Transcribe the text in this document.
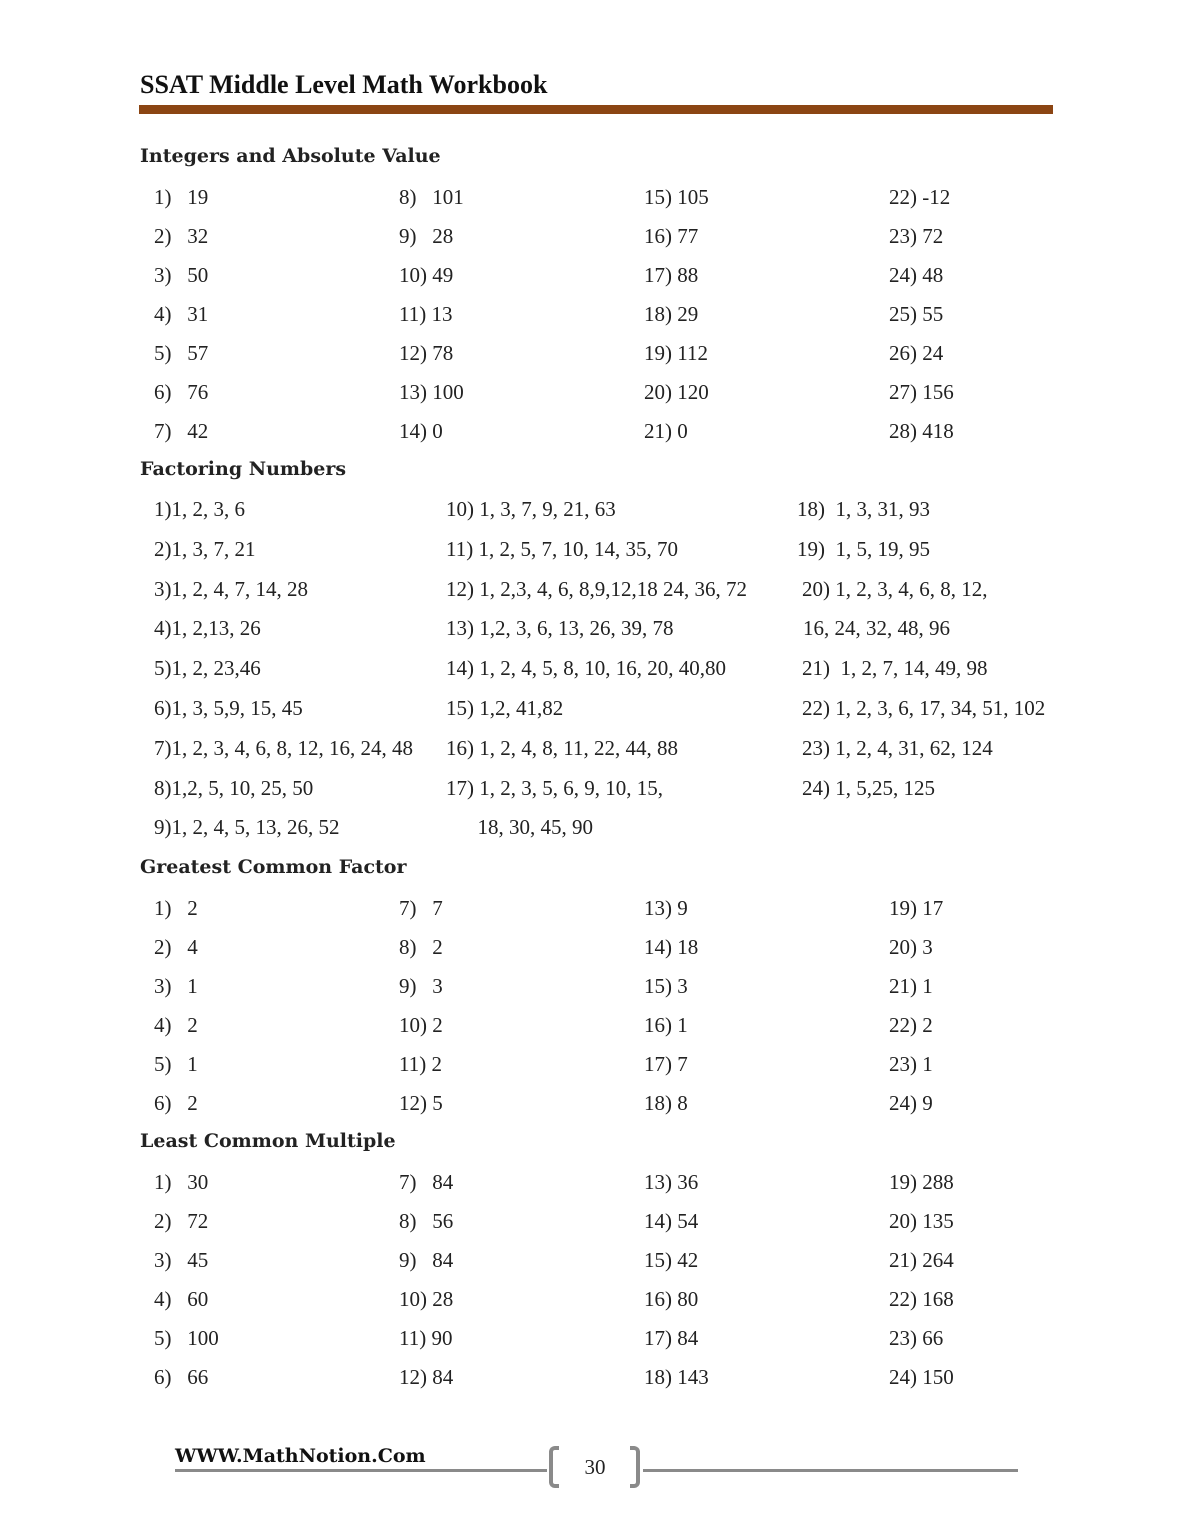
SSAT Middle Level Math Workbook
Integers and Absolute Value
1)   19
2)   32
3)   50
4)   31
5)   57
6)   76
7)   42
8)   101
9)   28
10) 49
11) 13
12) 78
13) 100
14) 0
15) 105
16) 77
17) 88
18) 29
19) 112
20) 120
21) 0
22) -12
23) 72
24) 48
25) 55
26) 24
27) 156
28) 418
Factoring Numbers
1)1, 2, 3, 6
2)1, 3, 7, 21
3)1, 2, 4, 7, 14, 28
4)1, 2,13, 26
5)1, 2, 23,46
6)1, 3, 5,9, 15, 45
7)1, 2, 3, 4, 6, 8, 12, 16, 24, 48
8)1,2, 5, 10, 25, 50
9)1, 2, 4, 5, 13, 26, 52
10) 1, 3, 7, 9, 21, 63
11) 1, 2, 5, 7, 10, 14, 35, 70
12) 1, 2,3, 4, 6, 8,9,12,18 24, 36, 72
13) 1,2, 3, 6, 13, 26, 39, 78
14) 1, 2, 4, 5, 8, 10, 16, 20, 40,80
15) 1,2, 41,82
16) 1, 2, 4, 8, 11, 22, 44, 88
17) 1, 2, 3, 5, 6, 9, 10, 15,
18, 30, 45, 90
18)  1, 3, 31, 93
19)  1, 5, 19, 95
20) 1, 2, 3, 4, 6, 8, 12,
16, 24, 32, 48, 96
21)  1, 2, 7, 14, 49, 98
22) 1, 2, 3, 6, 17, 34, 51, 102
23) 1, 2, 4, 31, 62, 124
24) 1, 5,25, 125
Greatest Common Factor
1)   2
2)   4
3)   1
4)   2
5)   1
6)   2
7)   7
8)   2
9)   3
10) 2
11) 2
12) 5
13) 9
14) 18
15) 3
16) 1
17) 7
18) 8
19) 17
20) 3
21) 1
22) 2
23) 1
24) 9
Least Common Multiple
1)   30
2)   72
3)   45
4)   60
5)   100
6)   66
7)   84
8)   56
9)   84
10) 28
11) 90
12) 84
13) 36
14) 54
15) 42
16) 80
17) 84
18) 143
19) 288
20) 135
21) 264
22) 168
23) 66
24) 150
WWW.MathNotion.Com	30
